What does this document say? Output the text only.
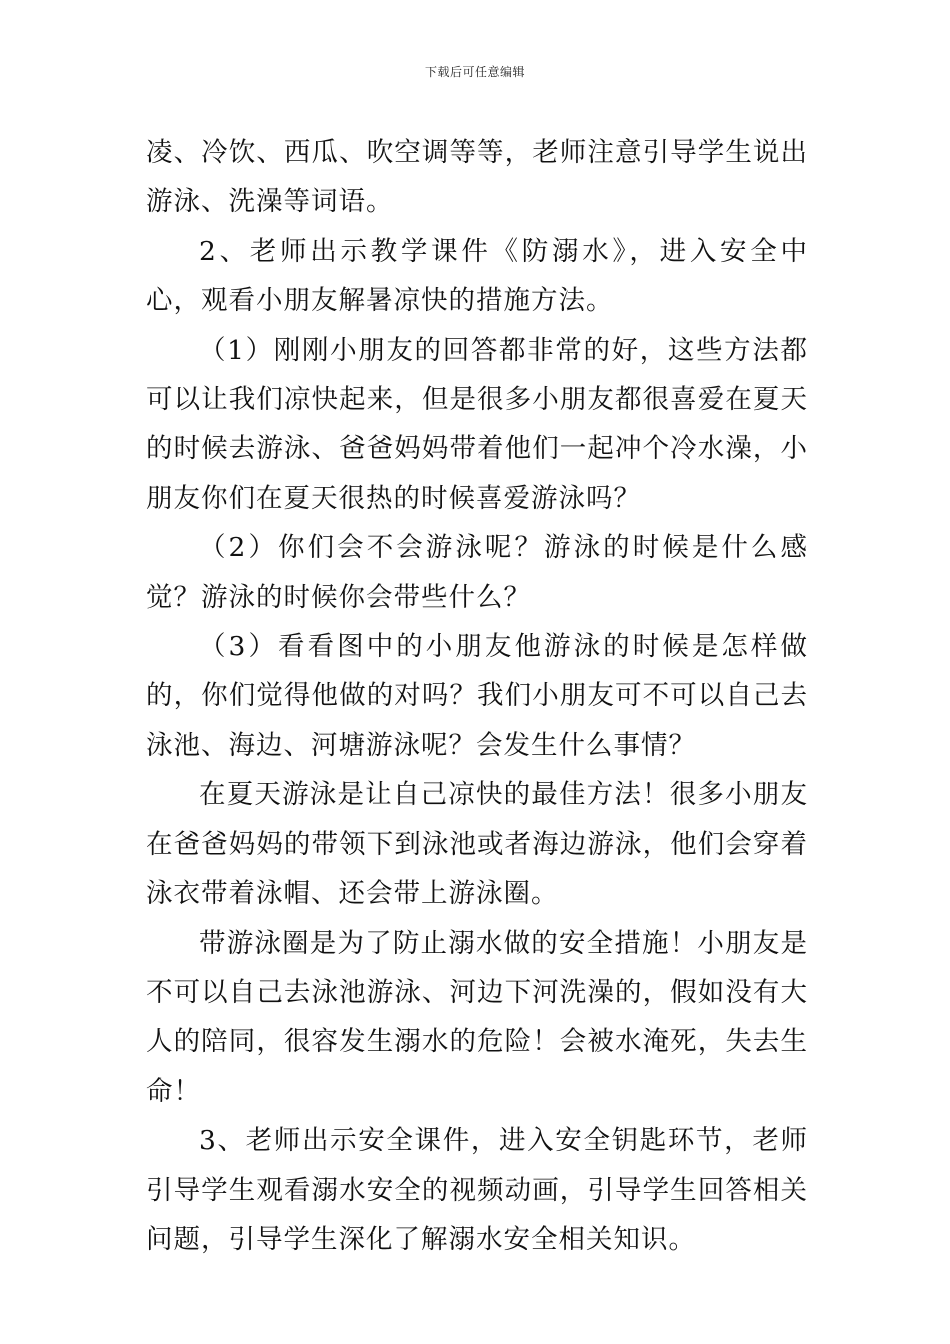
下载后可任意编辑

凌、冷饮、西瓜、吹空调等等，老师注意引导学生说出游泳、洗澡等词语。

2、老师出示教学课件《防溺水》，进入安全中心，观看小朋友解暑凉快的措施方法。

（1）刚刚小朋友的回答都非常的好，这些方法都可以让我们凉快起来，但是很多小朋友都很喜爱在夏天的时候去游泳、爸爸妈妈带着他们一起冲个冷水澡，小朋友你们在夏天很热的时候喜爱游泳吗？

（2）你们会不会游泳呢？游泳的时候是什么感觉？游泳的时候你会带些什么？

（3）看看图中的小朋友他游泳的时候是怎样做的，你们觉得他做的对吗？我们小朋友可不可以自己去泳池、海边、河塘游泳呢？会发生什么事情？

在夏天游泳是让自己凉快的最佳方法！很多小朋友在爸爸妈妈的带领下到泳池或者海边游泳，他们会穿着泳衣带着泳帽、还会带上游泳圈。

带游泳圈是为了防止溺水做的安全措施！小朋友是不可以自己去泳池游泳、河边下河洗澡的，假如没有大人的陪同，很容发生溺水的危险！会被水淹死，失去生命！

3、老师出示安全课件，进入安全钥匙环节，老师引导学生观看溺水安全的视频动画，引导学生回答相关问题，引导学生深化了解溺水安全相关知识。
